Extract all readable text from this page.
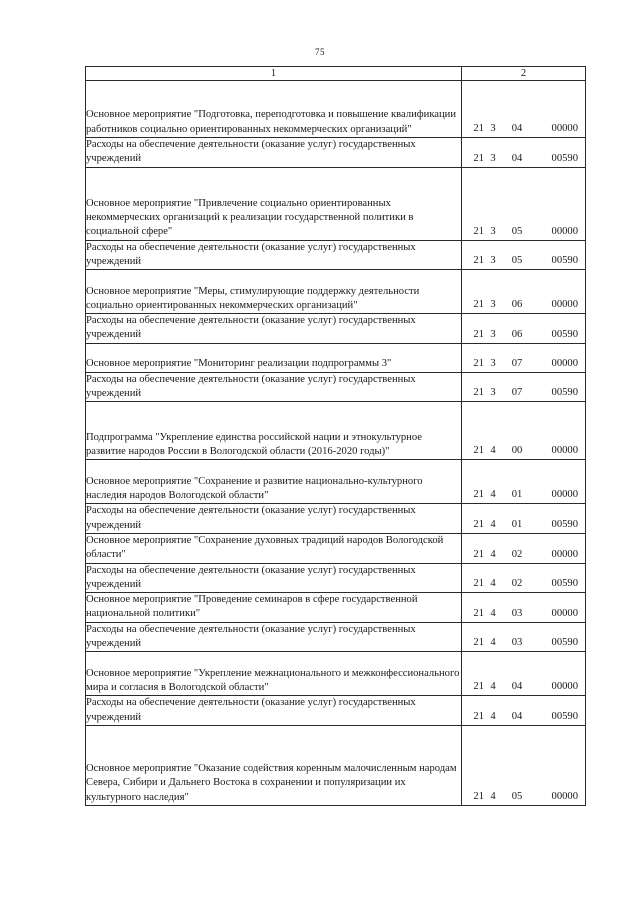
75
1	2
Основное мероприятие "Подготовка, переподготовка и повышение квалификации работников социально ориентированных некоммерческих организаций"	21 3 04 00000

Расходы на обеспечение деятельности (оказание услуг) государственных учреждений	21 3 04 00590

Основное мероприятие "Привлечение социально ориентированных некоммерческих организаций к реализации государственной политики в социальной сфере"	21 3 05 00000

Расходы на обеспечение деятельности (оказание услуг) государственных учреждений	21 3 05 00590

Основное мероприятие "Меры, стимулирующие поддержку деятельности социально ориентированных некоммерческих организаций"	21 3 06 00000

Расходы на обеспечение деятельности (оказание услуг) государственных учреждений	21 3 06 00590

Основное мероприятие "Мониторинг реализации подпрограммы 3"	21 3 07 00000

Расходы на обеспечение деятельности (оказание услуг) государственных учреждений	21 3 07 00590

Подпрограмма "Укрепление единства российской нации и этнокультурное развитие народов России в Вологодской области (2016-2020 годы)"	21 4 00 00000

Основное мероприятие "Сохранение и развитие национально-культурного наследия народов Вологодской области"	21 4 01 00000

Расходы на обеспечение деятельности (оказание услуг) государственных учреждений	21 4 01 00590

Основное мероприятие "Сохранение духовных традиций народов Вологодской области"	21 4 02 00000

Расходы на обеспечение деятельности (оказание услуг) государственных учреждений	21 4 02 00590

Основное мероприятие "Проведение семинаров в сфере государственной национальной политики"	21 4 03 00000

Расходы на обеспечение деятельности (оказание услуг) государственных учреждений	21 4 03 00590

Основное мероприятие "Укрепление межнационального и межконфессионального мира и согласия в Вологодской области"	21 4 04 00000

Расходы на обеспечение деятельности (оказание услуг) государственных учреждений	21 4 04 00590

Основное мероприятие "Оказание содействия коренным малочисленным народам Севера, Сибири и Дальнего Востока в сохранении и популяризации их культурного наследия"	21 4 05 00000
